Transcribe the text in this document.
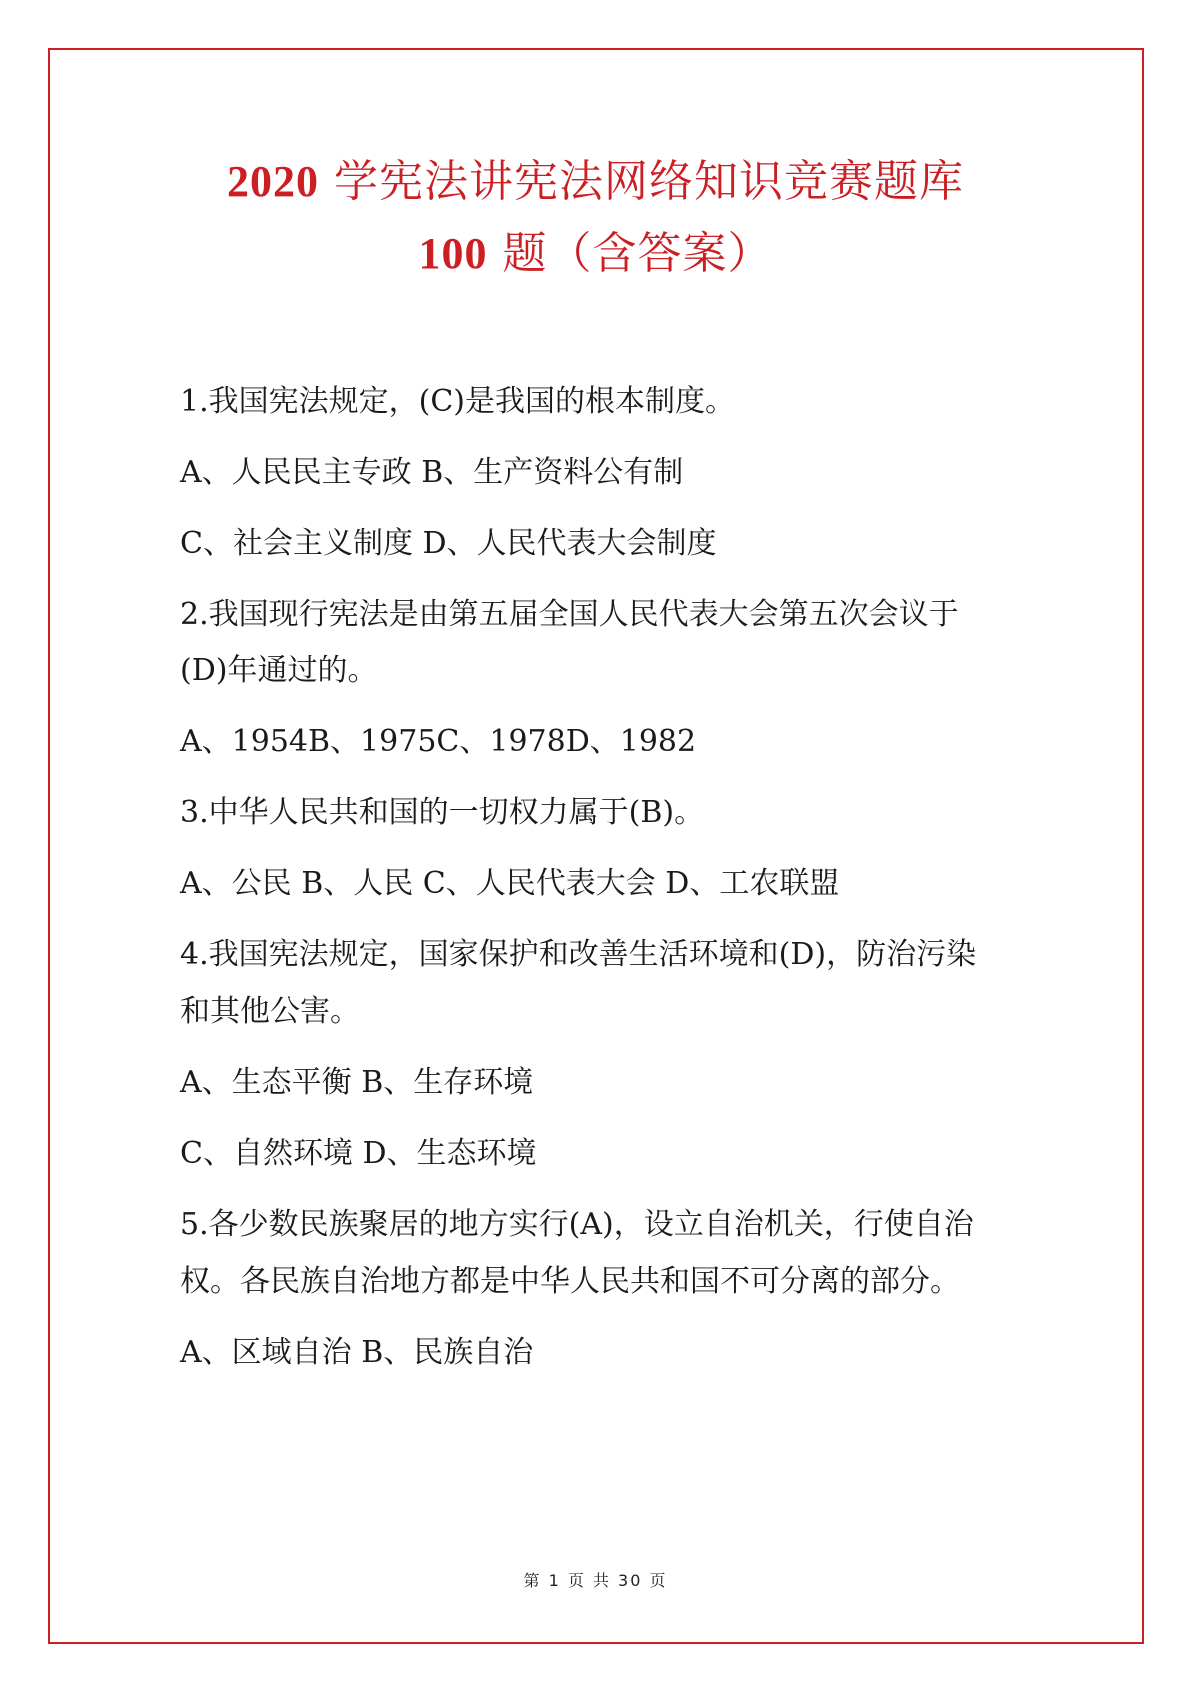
2020 学宪法讲宪法网络知识竞赛题库
100 题（含答案）
1.我国宪法规定，(C)是我国的根本制度。
A、人民民主专政 B、生产资料公有制
C、社会主义制度 D、人民代表大会制度
2.我国现行宪法是由第五届全国人民代表大会第五次会议于
(D)年通过的。
A、1954B、1975C、1978D、1982
3.中华人民共和国的一切权力属于(B)。
A、公民 B、人民 C、人民代表大会 D、工农联盟
4.我国宪法规定，国家保护和改善生活环境和(D)，防治污染
和其他公害。
A、生态平衡 B、生存环境
C、自然环境 D、生态环境
5.各少数民族聚居的地方实行(A)，设立自治机关，行使自治
权。各民族自治地方都是中华人民共和国不可分离的部分。
A、区域自治 B、民族自治
第 1 页 共 30 页
